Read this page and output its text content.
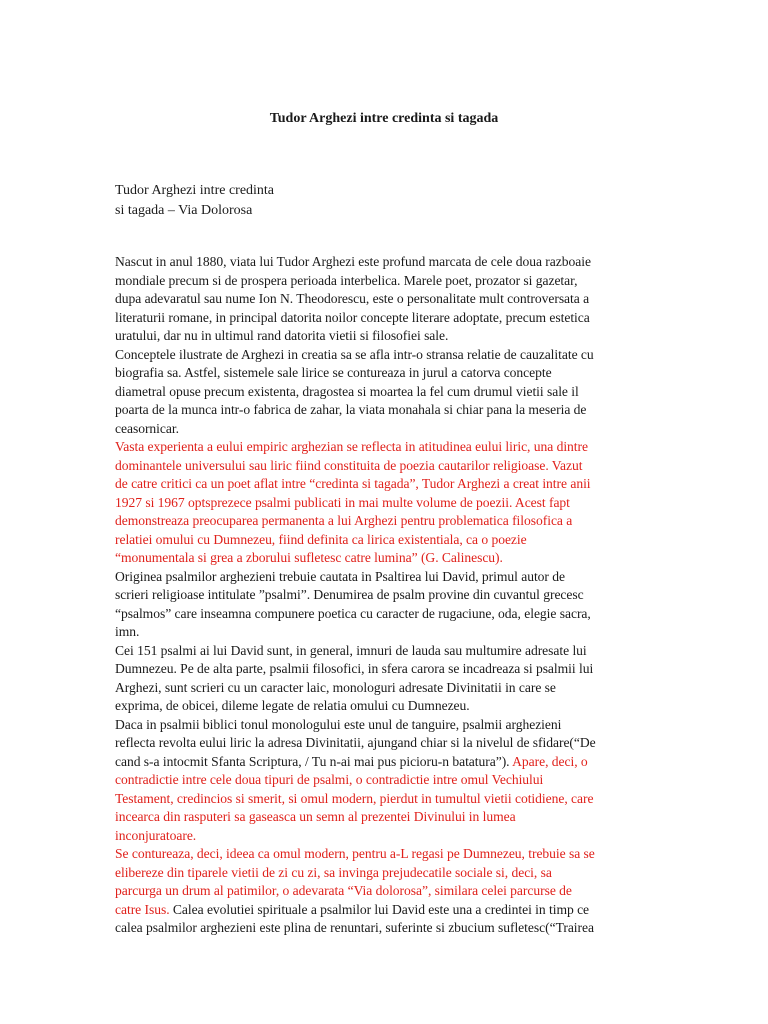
Tudor Arghezi intre credinta si tagada
Tudor Arghezi intre credinta
si tagada – Via Dolorosa
Nascut in anul 1880, viata lui Tudor Arghezi este profund marcata de cele doua razboaie
mondiale precum si de prospera perioada interbelica. Marele poet, prozator si gazetar,
dupa adevaratul sau nume Ion N. Theodorescu, este o personalitate mult controversata a
literaturii romane, in principal datorita noilor concepte literare adoptate, precum estetica
uratului, dar nu in ultimul rand datorita vietii si filosofiei sale.
Conceptele ilustrate de Arghezi in creatia sa se afla intr-o stransa relatie de cauzalitate cu
biografia sa. Astfel, sistemele sale lirice se contureaza in jurul a catorva concepte
diametral opuse precum existenta, dragostea si moartea la fel cum drumul vietii sale il
poarta de la munca intr-o fabrica de zahar, la viata monahala si chiar pana la meseria de
ceasornicar.
Vasta experienta a eului empiric arghezian se reflecta in atitudinea eului liric, una dintre
dominantele universului sau liric fiind constituita de poezia cautarilor religioase. Vazut
de catre critici ca un poet aflat intre “credinta si tagada”, Tudor Arghezi a creat intre anii
1927 si 1967 optsprezece psalmi publicati in mai multe volume de poezii. Acest fapt
demonstreaza preocuparea permanenta a lui Arghezi pentru problematica filosofica a
relatiei omului cu Dumnezeu, fiind definita ca lirica existentiala, ca o poezie
“monumentala si grea a zborului sufletesc catre lumina” (G. Calinescu).
Originea psalmilor arghezieni trebuie cautata in Psaltirea lui David, primul autor de
scrieri religioase intitulate ”psalmi”. Denumirea de psalm provine din cuvantul grecesc
“psalmos” care inseamna compunere poetica cu caracter de rugaciune, oda, elegie sacra,
imn.
Cei 151 psalmi ai lui David sunt, in general, imnuri de lauda sau multumire adresate lui
Dumnezeu. Pe de alta parte, psalmii filosofici, in sfera carora se incadreaza si psalmii lui
Arghezi, sunt scrieri cu un caracter laic, monologuri adresate Divinitatii in care se
exprima, de obicei, dileme legate de relatia omului cu Dumnezeu.
Daca in psalmii biblici tonul monologului este unul de tanguire, psalmii arghezieni
reflecta revolta eului liric la adresa Divinitatii, ajungand chiar si la nivelul de sfidare(“De
cand s-a intocmit Sfanta Scriptura, / Tu n-ai mai pus picioru-n batatura”). Apare, deci, o
contradictie intre cele doua tipuri de psalmi, o contradictie intre omul Vechiului
Testament, credincios si smerit, si omul modern, pierdut in tumultul vietii cotidiene, care
incearca din rasputeri sa gaseasca un semn al prezentei Divinului in lumea
inconjuratoare.
Se contureaza, deci, ideea ca omul modern, pentru a-L regasi pe Dumnezeu, trebuie sa se
elibereze din tiparele vietii de zi cu zi, sa invinga prejudecatile sociale si, deci, sa
parcurga un drum al patimilor, o adevarata “Via dolorosa”, similara celei parcurse de
catre Isus. Calea evolutiei spirituale a psalmilor lui David este una a credintei in timp ce
calea psalmilor arghezieni este plina de renuntari, suferinte si zbucium sufletesc(“Trairea
